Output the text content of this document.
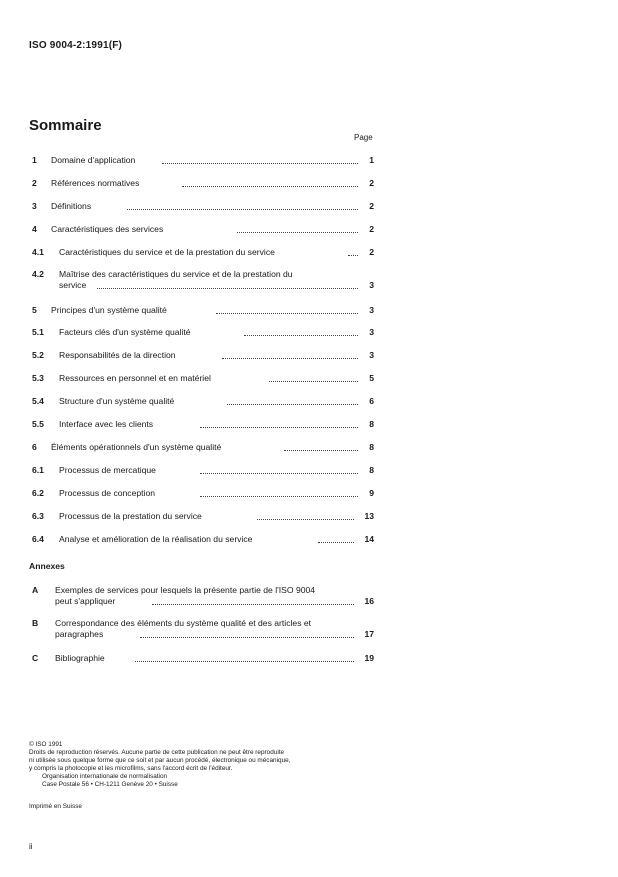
ISO 9004-2:1991(F)
Sommaire
Page
1 Domaine d'application	1
2 Références normatives	2
3 Définitions	2
4 Caractéristiques des services	2
4.1 Caractéristiques du service et de la prestation du service	2
4.2 Maîtrise des caractéristiques du service et de la prestation du
service	3
5 Principes d'un système qualité	3
5.1 Facteurs clés d'un système qualité	3
5.2 Responsabilités de la direction	3
5.3 Ressources en personnel et en matériel	5
5.4 Structure d'un système qualité	6
5.5 Interface avec les clients	8
6 Éléments opérationnels d'un système qualité	8
6.1 Processus de mercatique	8
6.2 Processus de conception	9
6.3 Processus de la prestation du service	13
6.4 Analyse et amélioration de la réalisation du service	14
Annexes
A Exemples de services pour lesquels la présente partie de l'ISO 9004
peut s'appliquer	16
B Correspondance des éléments du système qualité et des articles et
paragraphes	17
C Bibliographie	19
© ISO 1991
Droits de reproduction réservés. Aucune partie de cette publication ne peut être reproduite
ni utilisée sous quelque forme que ce soit et par aucun procédé, électronique ou mécanique,
y compris la photocopie et les microfilms, sans l'accord écrit de l'éditeur.
Organisation internationale de normalisation
Case Postale 56 • CH-1211 Genève 20 • Suisse
Imprimé en Suisse
ii
